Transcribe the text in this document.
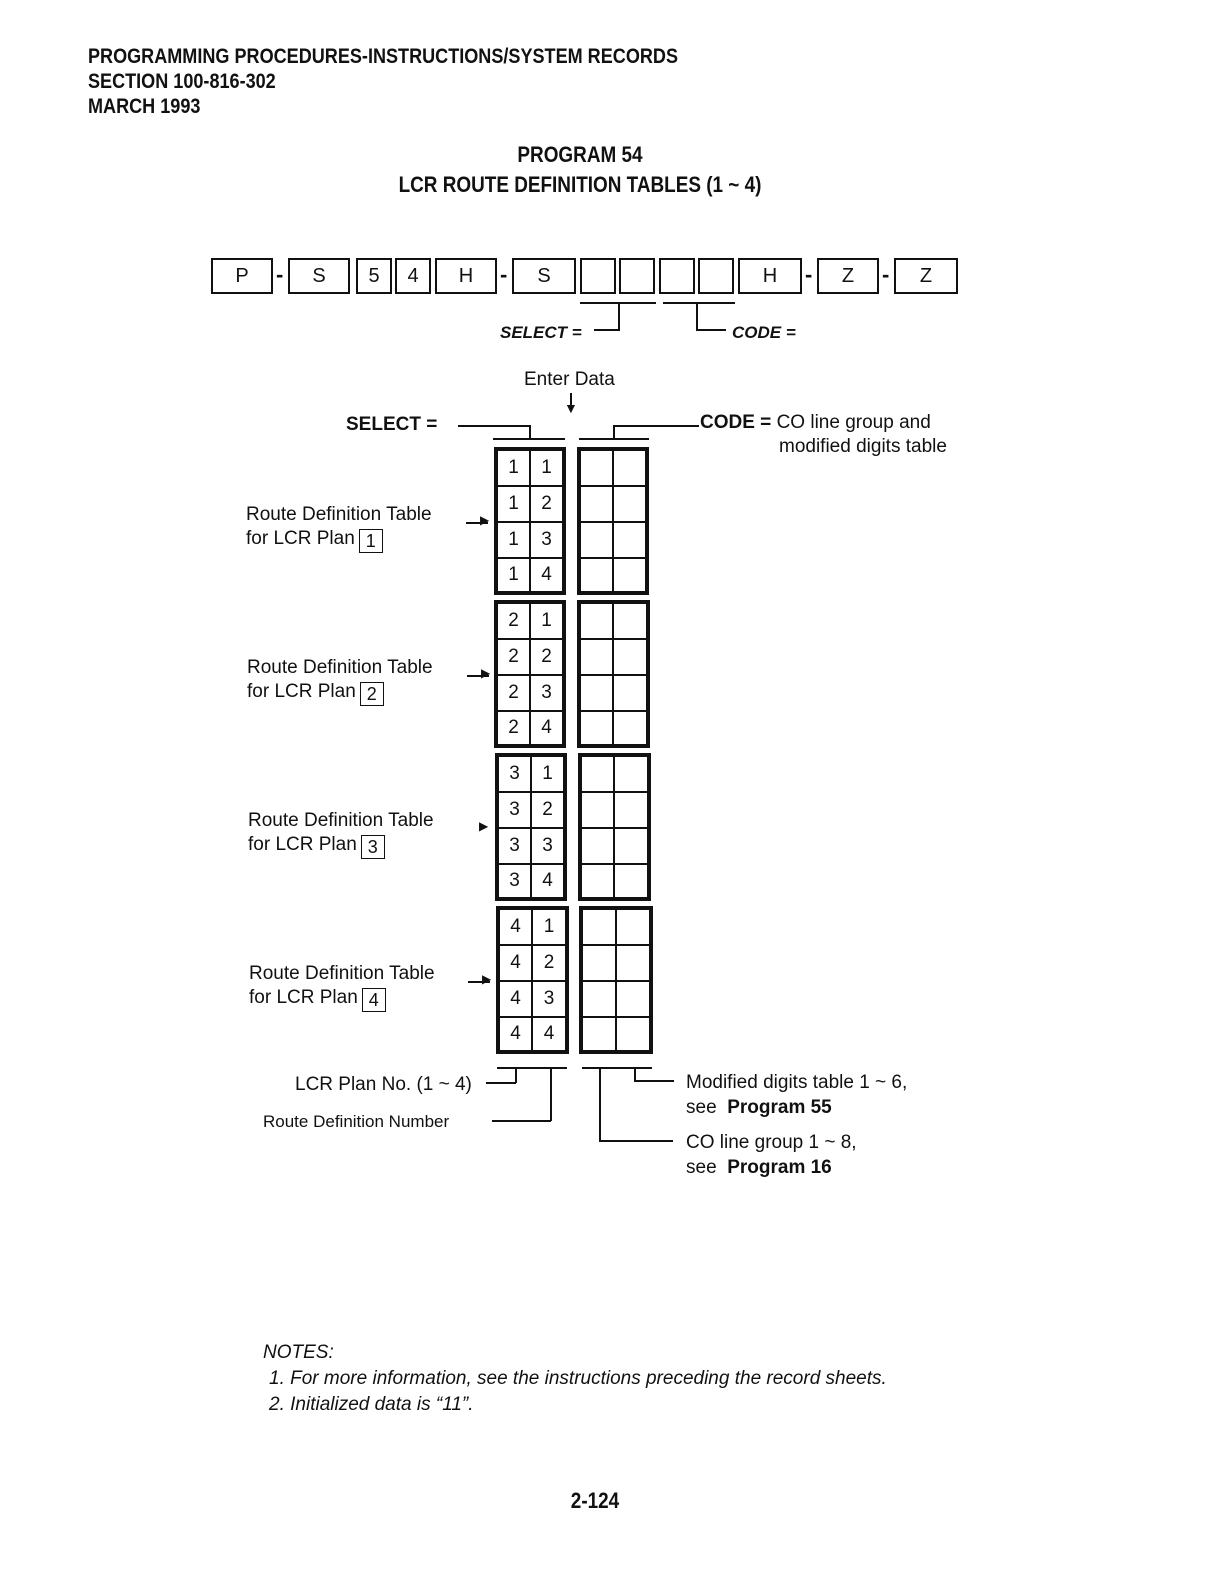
PROGRAMMING PROCEDURES-INSTRUCTIONS/SYSTEM RECORDS
SECTION 100-816-302
MARCH 1993
PROGRAM 54
LCR ROUTE DEFINITION TABLES (1 ~ 4)
P	-	S	5	4	H	-	S	H	-	Z	-	Z
SELECT =	CODE =
Enter Data
▼
SELECT =	CODE = CO line group and
modified digits table
Route Definition Table
for LCR Plan 1
▶
1	1
1	2
1	3
1	4
Route Definition Table
for LCR Plan 2
▶
2	1
2	2
2	3
2	4
Route Definition Table
for LCR Plan 3
▶
3	1
3	2
3	3
3	4
Route Definition Table
for LCR Plan 4
▶
4	1
4	2
4	3
4	4
LCR Plan No. (1 ~ 4)
Route Definition Number
Modified digits table 1 ~ 6,
see Program 55
CO line group 1 ~ 8,
see Program 16
NOTES:
1. For more information, see the instructions preceding the record sheets.
2. Initialized data is “11”.
2-124
